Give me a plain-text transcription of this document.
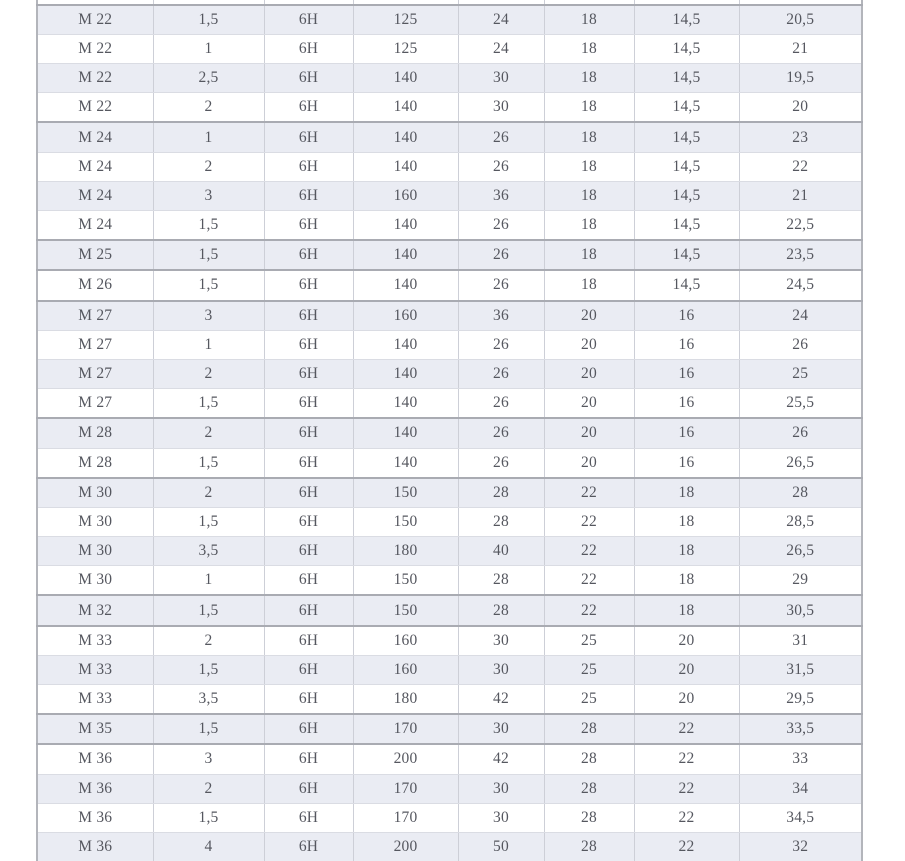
M 22	1,5	6H	125	24	18	14,5	20,5
M 22	1	6H	125	24	18	14,5	21
M 22	2,5	6H	140	30	18	14,5	19,5
M 22	2	6H	140	30	18	14,5	20
M 24	1	6H	140	26	18	14,5	23
M 24	2	6H	140	26	18	14,5	22
M 24	3	6H	160	36	18	14,5	21
M 24	1,5	6H	140	26	18	14,5	22,5
M 25	1,5	6H	140	26	18	14,5	23,5
M 26	1,5	6H	140	26	18	14,5	24,5
M 27	3	6H	160	36	20	16	24
M 27	1	6H	140	26	20	16	26
M 27	2	6H	140	26	20	16	25
M 27	1,5	6H	140	26	20	16	25,5
M 28	2	6H	140	26	20	16	26
M 28	1,5	6H	140	26	20	16	26,5
M 30	2	6H	150	28	22	18	28
M 30	1,5	6H	150	28	22	18	28,5
M 30	3,5	6H	180	40	22	18	26,5
M 30	1	6H	150	28	22	18	29
M 32	1,5	6H	150	28	22	18	30,5
M 33	2	6H	160	30	25	20	31
M 33	1,5	6H	160	30	25	20	31,5
M 33	3,5	6H	180	42	25	20	29,5
M 35	1,5	6H	170	30	28	22	33,5
M 36	3	6H	200	42	28	22	33
M 36	2	6H	170	30	28	22	34
M 36	1,5	6H	170	30	28	22	34,5
M 36	4	6H	200	50	28	22	32
